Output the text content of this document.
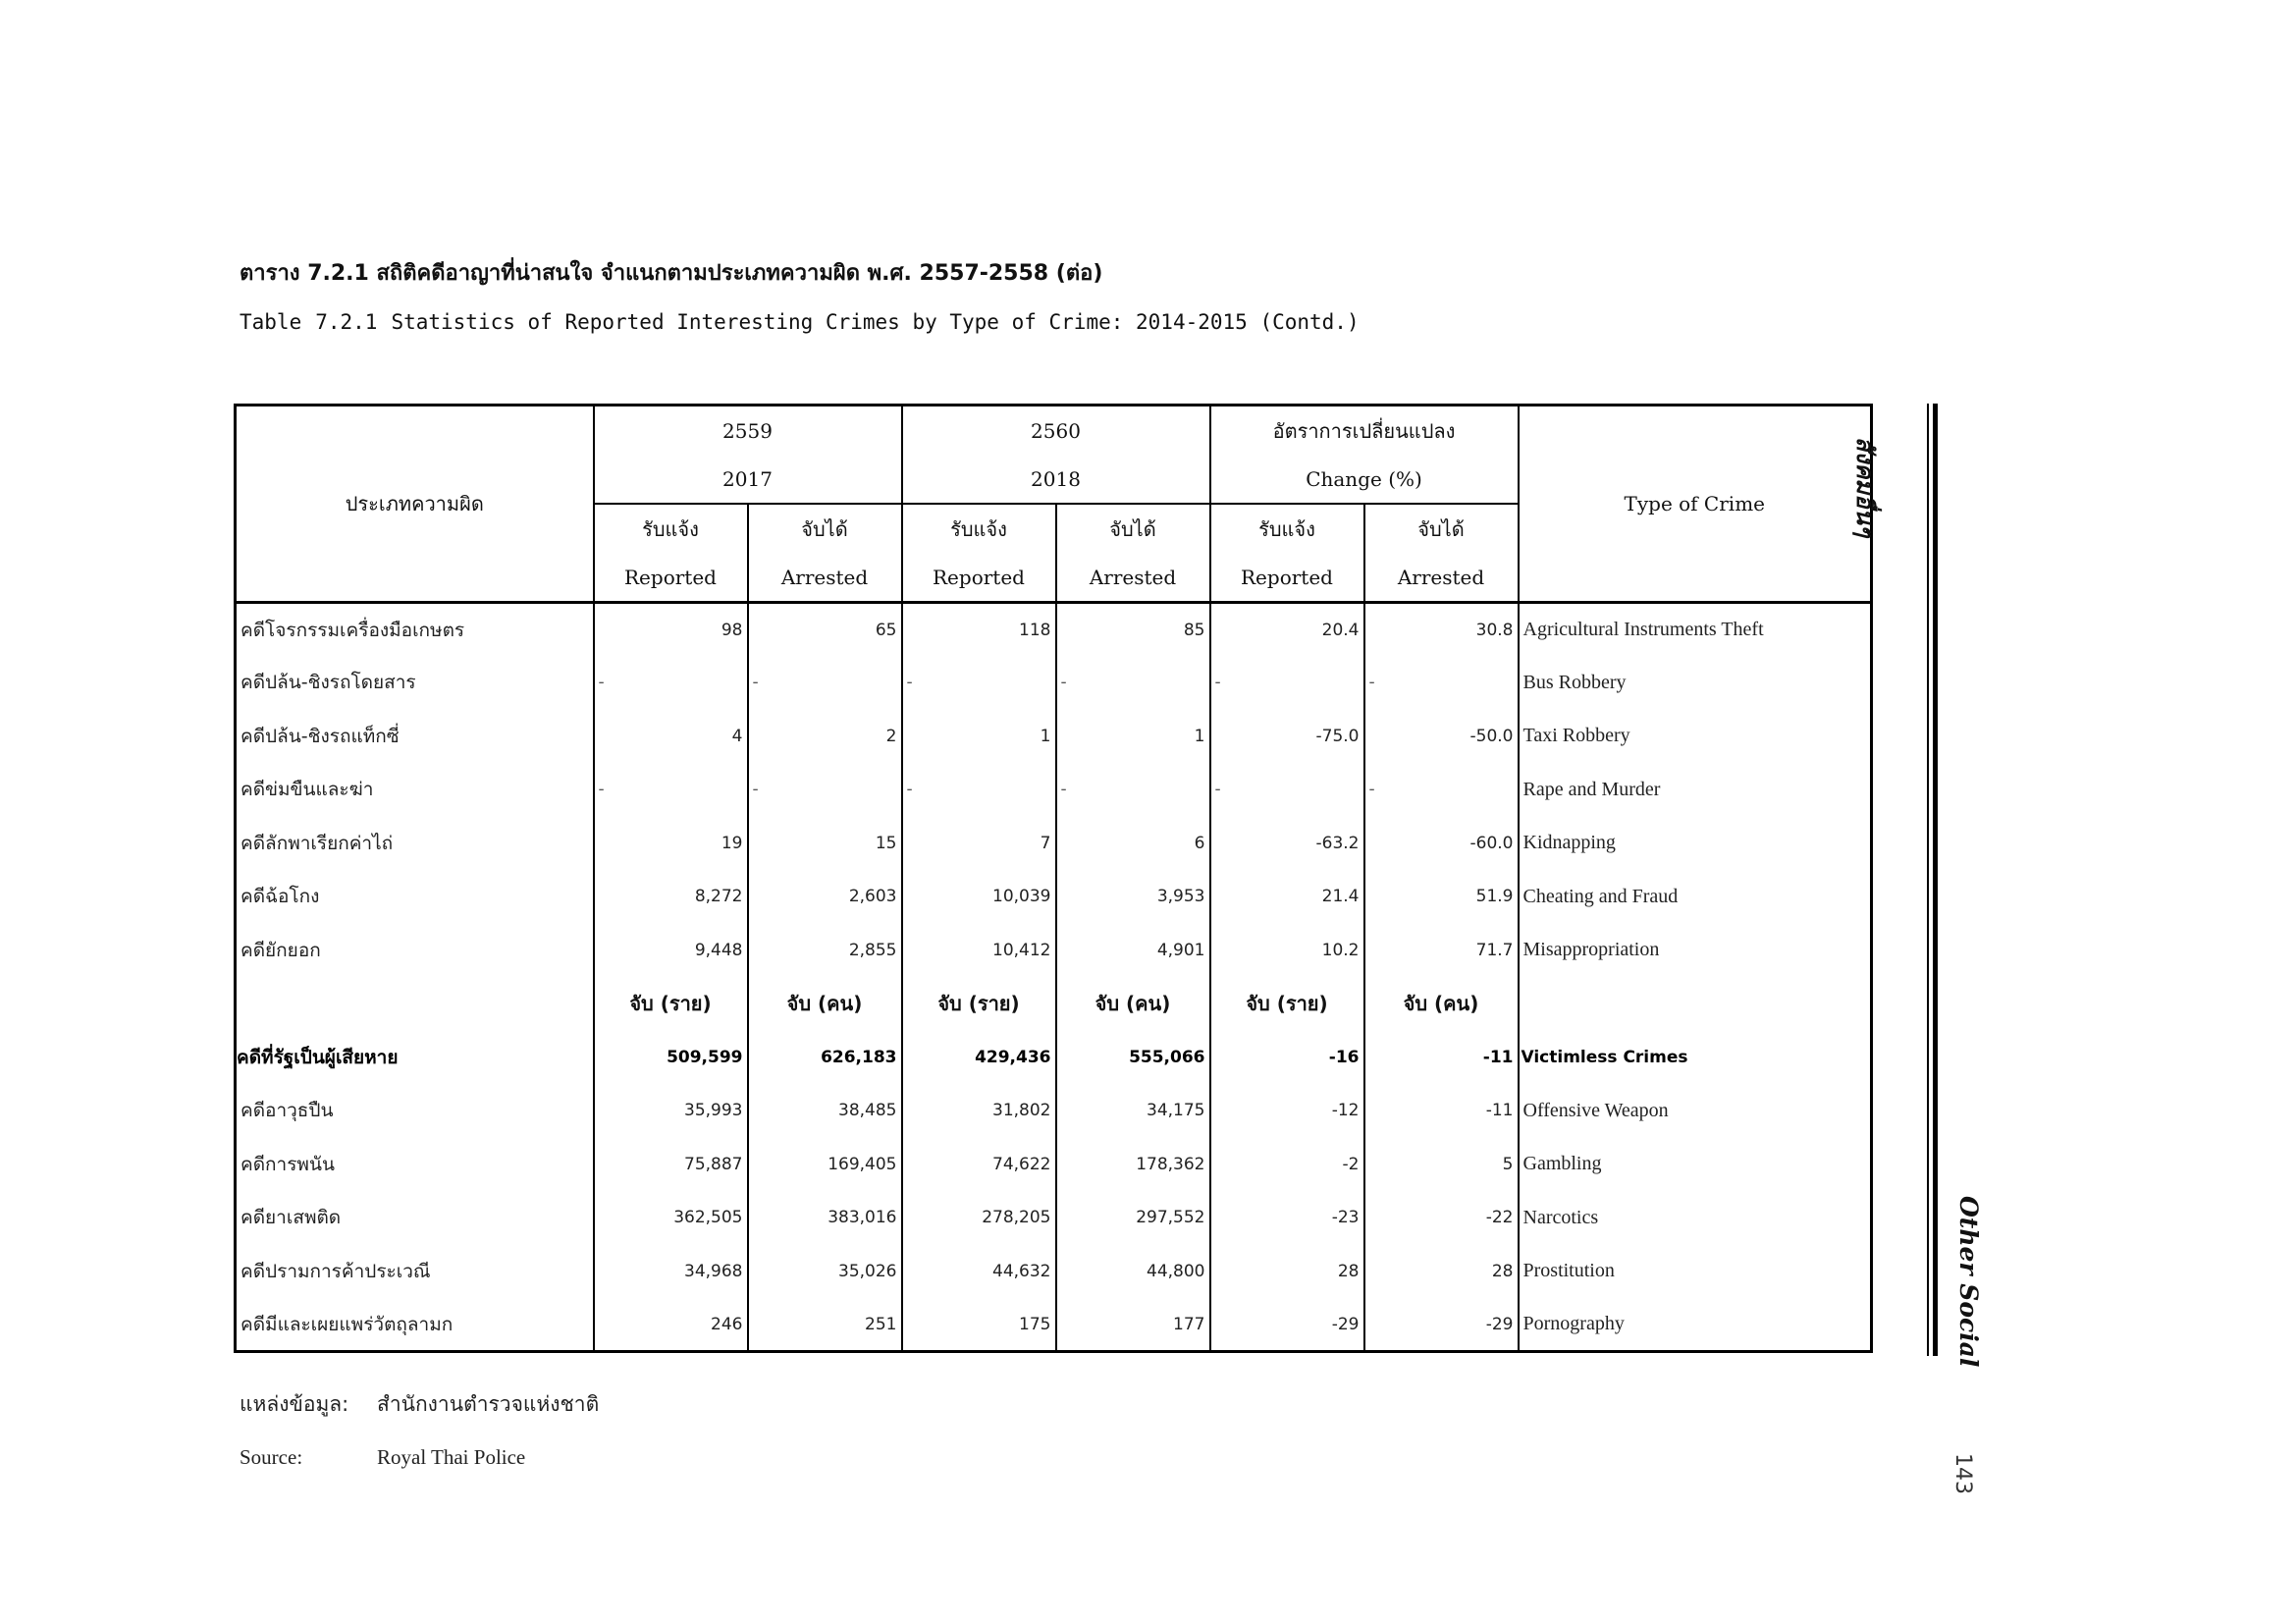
ตาราง 7.2.1 สถิติคดีอาญาที่น่าสนใจ จำแนกตามประเภทความผิด พ.ศ. 2557-2558 (ต่อ)
Table 7.2.1 Statistics of Reported Interesting Crimes by Type of Crime: 2014-2015 (Contd.)
ประเภทความผิด	2559		2560		อัตราการเปลี่ยนแปลง		Type of Crime
	2017		2018		Change (%)		
	รับแจ้ง	จับได้	รับแจ้ง	จับได้	รับแจ้ง	จับได้	
	Reported	Arrested	Reported	Arrested	Reported	Arrested	
คดีโจรกรรมเครื่องมือเกษตร	98	65	118	85	20.4	30.8	Agricultural Instruments Theft
คดีปล้น-ชิงรถโดยสาร	-	-	-	-	-	-	Bus Robbery
คดีปล้น-ชิงรถแท็กซี่	4	2	1	1	-75.0	-50.0	Taxi Robbery
คดีข่มขืนและฆ่า	-	-	-	-	-	-	Rape and Murder
คดีลักพาเรียกค่าไถ่	19	15	7	6	-63.2	-60.0	Kidnapping
คดีฉ้อโกง	8,272	2,603	10,039	3,953	21.4	51.9	Cheating and Fraud
คดียักยอก	9,448	2,855	10,412	4,901	10.2	71.7	Misappropriation
	จับ (ราย)	จับ (คน)	จับ (ราย)	จับ (คน)	จับ (ราย)	จับ (คน)	
คดีที่รัฐเป็นผู้เสียหาย	509,599	626,183	429,436	555,066	-16	-11	Victimless Crimes
คดีอาวุธปืน	35,993	38,485	31,802	34,175	-12	-11	Offensive Weapon
คดีการพนัน	75,887	169,405	74,622	178,362	-2	5	Gambling
คดียาเสพติด	362,505	383,016	278,205	297,552	-23	-22	Narcotics
คดีปรามการค้าประเวณี	34,968	35,026	44,632	44,800	28	28	Prostitution
คดีมีและเผยแพร่วัตถุลามก	246	251	175	177	-29	-29	Pornography
แหล่งข้อมูล: สำนักงานตำรวจแห่งชาติ
Source:	Royal Thai Police
สังคมอื่นๆ
Other Social
143
